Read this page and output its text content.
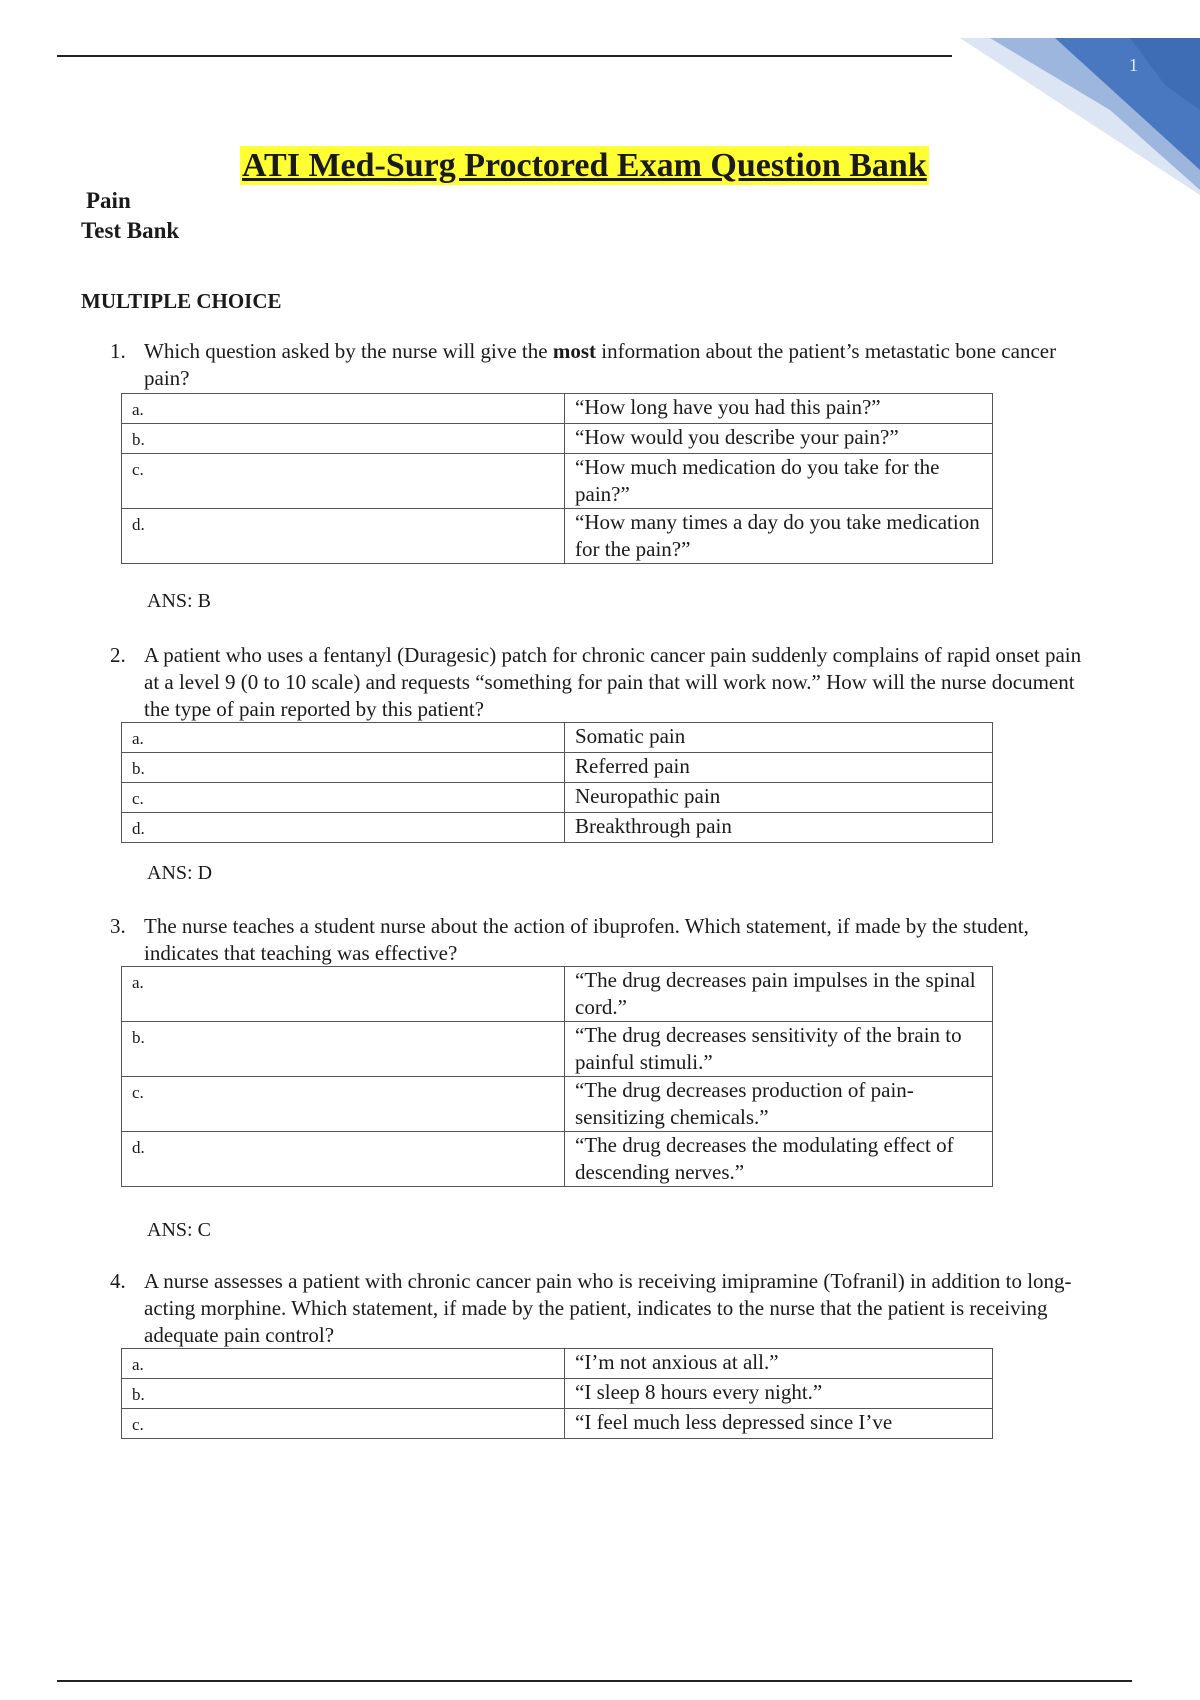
1
ATI Med-Surg Proctored Exam Question Bank
Pain
Test Bank
MULTIPLE CHOICE
1. Which question asked by the nurse will give the most information about the patient’s metastatic bone cancer pain?
a.	“How long have you had this pain?”
b.	“How would you describe your pain?”
c.	“How much medication do you take for the pain?”
d.	“How many times a day do you take medication for the pain?”
ANS: B
2. A patient who uses a fentanyl (Duragesic) patch for chronic cancer pain suddenly complains of rapid onset pain at a level 9 (0 to 10 scale) and requests “something for pain that will work now.” How will the nurse document the type of pain reported by this patient?
a.	Somatic pain
b.	Referred pain
c.	Neuropathic pain
d.	Breakthrough pain
ANS: D
3. The nurse teaches a student nurse about the action of ibuprofen. Which statement, if made by the student, indicates that teaching was effective?
a.	“The drug decreases pain impulses in the spinal cord.”
b.	“The drug decreases sensitivity of the brain to painful stimuli.”
c.	“The drug decreases production of pain-sensitizing chemicals.”
d.	“The drug decreases the modulating effect of descending nerves.”
ANS: C
4. A nurse assesses a patient with chronic cancer pain who is receiving imipramine (Tofranil) in addition to long-acting morphine. Which statement, if made by the patient, indicates to the nurse that the patient is receiving adequate pain control?
a.	“I’m not anxious at all.”
b.	“I sleep 8 hours every night.”
c.	“I feel much less depressed since I’ve
